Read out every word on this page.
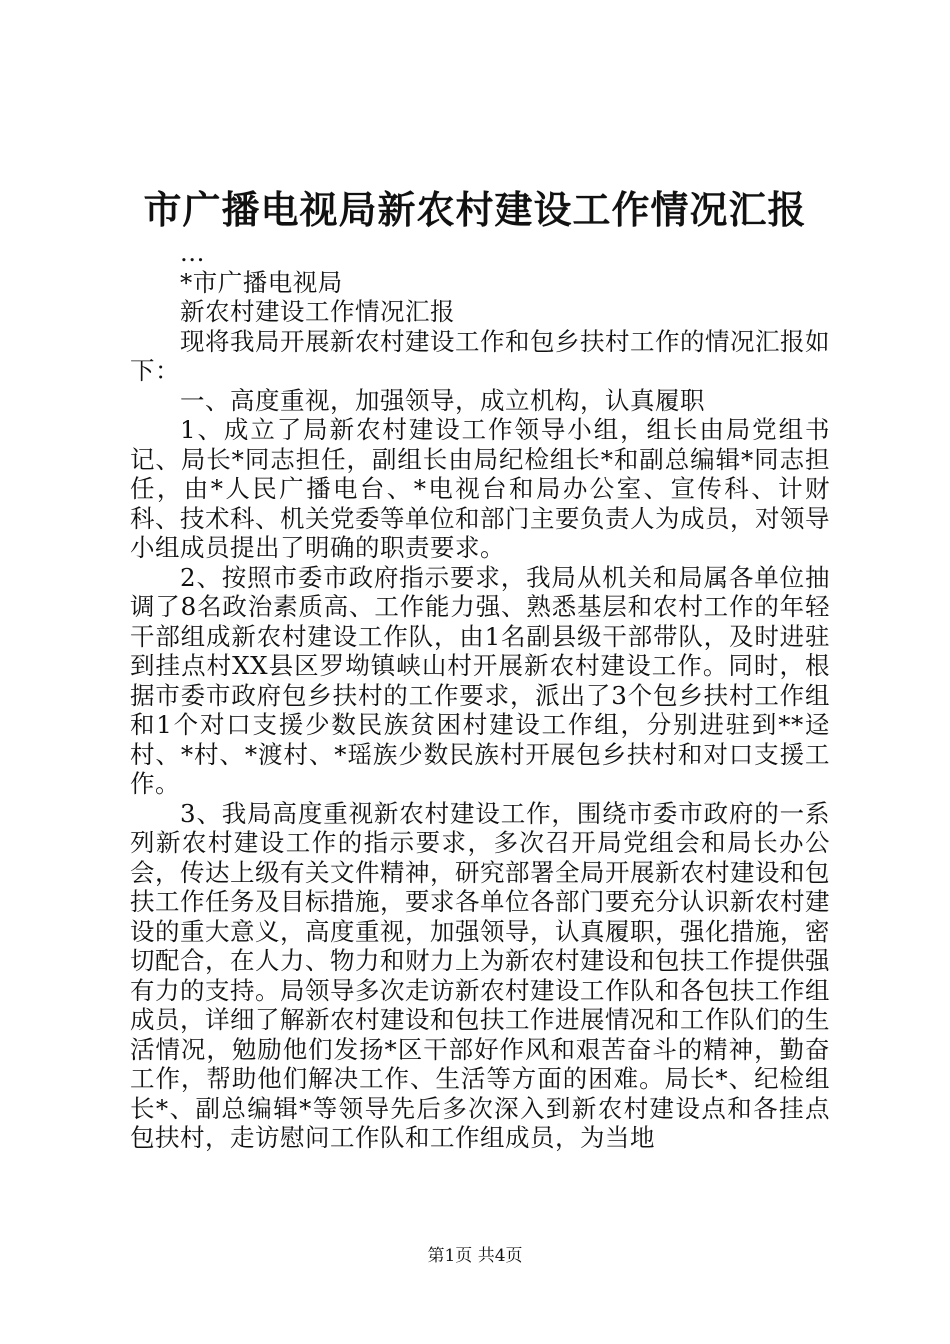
市广播电视局新农村建设工作情况汇报

...

*市广播电视局

新农村建设工作情况汇报

现将我局开展新农村建设工作和包乡扶村工作的情况汇报如下：

一、高度重视，加强领导，成立机构，认真履职

1、成立了局新农村建设工作领导小组，组长由局党组书记、局长*同志担任，副组长由局纪检组长*和副总编辑*同志担任，由*人民广播电台、*电视台和局办公室、宣传科、计财科、技术科、机关党委等单位和部门主要负责人为成员，对领导小组成员提出了明确的职责要求。

2、按照市委市政府指示要求，我局从机关和局属各单位抽调了8名政治素质高、工作能力强、熟悉基层和农村工作的年轻干部组成新农村建设工作队，由1名副县级干部带队，及时进驻到挂点村XX县区罗坳镇峡山村开展新农村建设工作。同时，根据市委市政府包乡扶村的工作要求，派出了3个包乡扶村工作组和1个对口支援少数民族贫困村建设工作组，分别进驻到**迳村、*村、*渡村、*瑶族少数民族村开展包乡扶村和对口支援工作。

3、我局高度重视新农村建设工作，围绕市委市政府的一系列新农村建设工作的指示要求，多次召开局党组会和局长办公会，传达上级有关文件精神，研究部署全局开展新农村建设和包扶工作任务及目标措施，要求各单位各部门要充分认识新农村建设的重大意义，高度重视，加强领导，认真履职，强化措施，密切配合，在人力、物力和财力上为新农村建设和包扶工作提供强有力的支持。局领导多次走访新农村建设工作队和各包扶工作组成员，详细了解新农村建设和包扶工作进展情况和工作队们的生活情况，勉励他们发扬*区干部好作风和艰苦奋斗的精神，勤奋工作，帮助他们解决工作、生活等方面的困难。局长*、纪检组长*、副总编辑*等领导先后多次深入到新农村建设点和各挂点包扶村，走访慰问工作队和工作组成员，为当地

第1页 共4页
